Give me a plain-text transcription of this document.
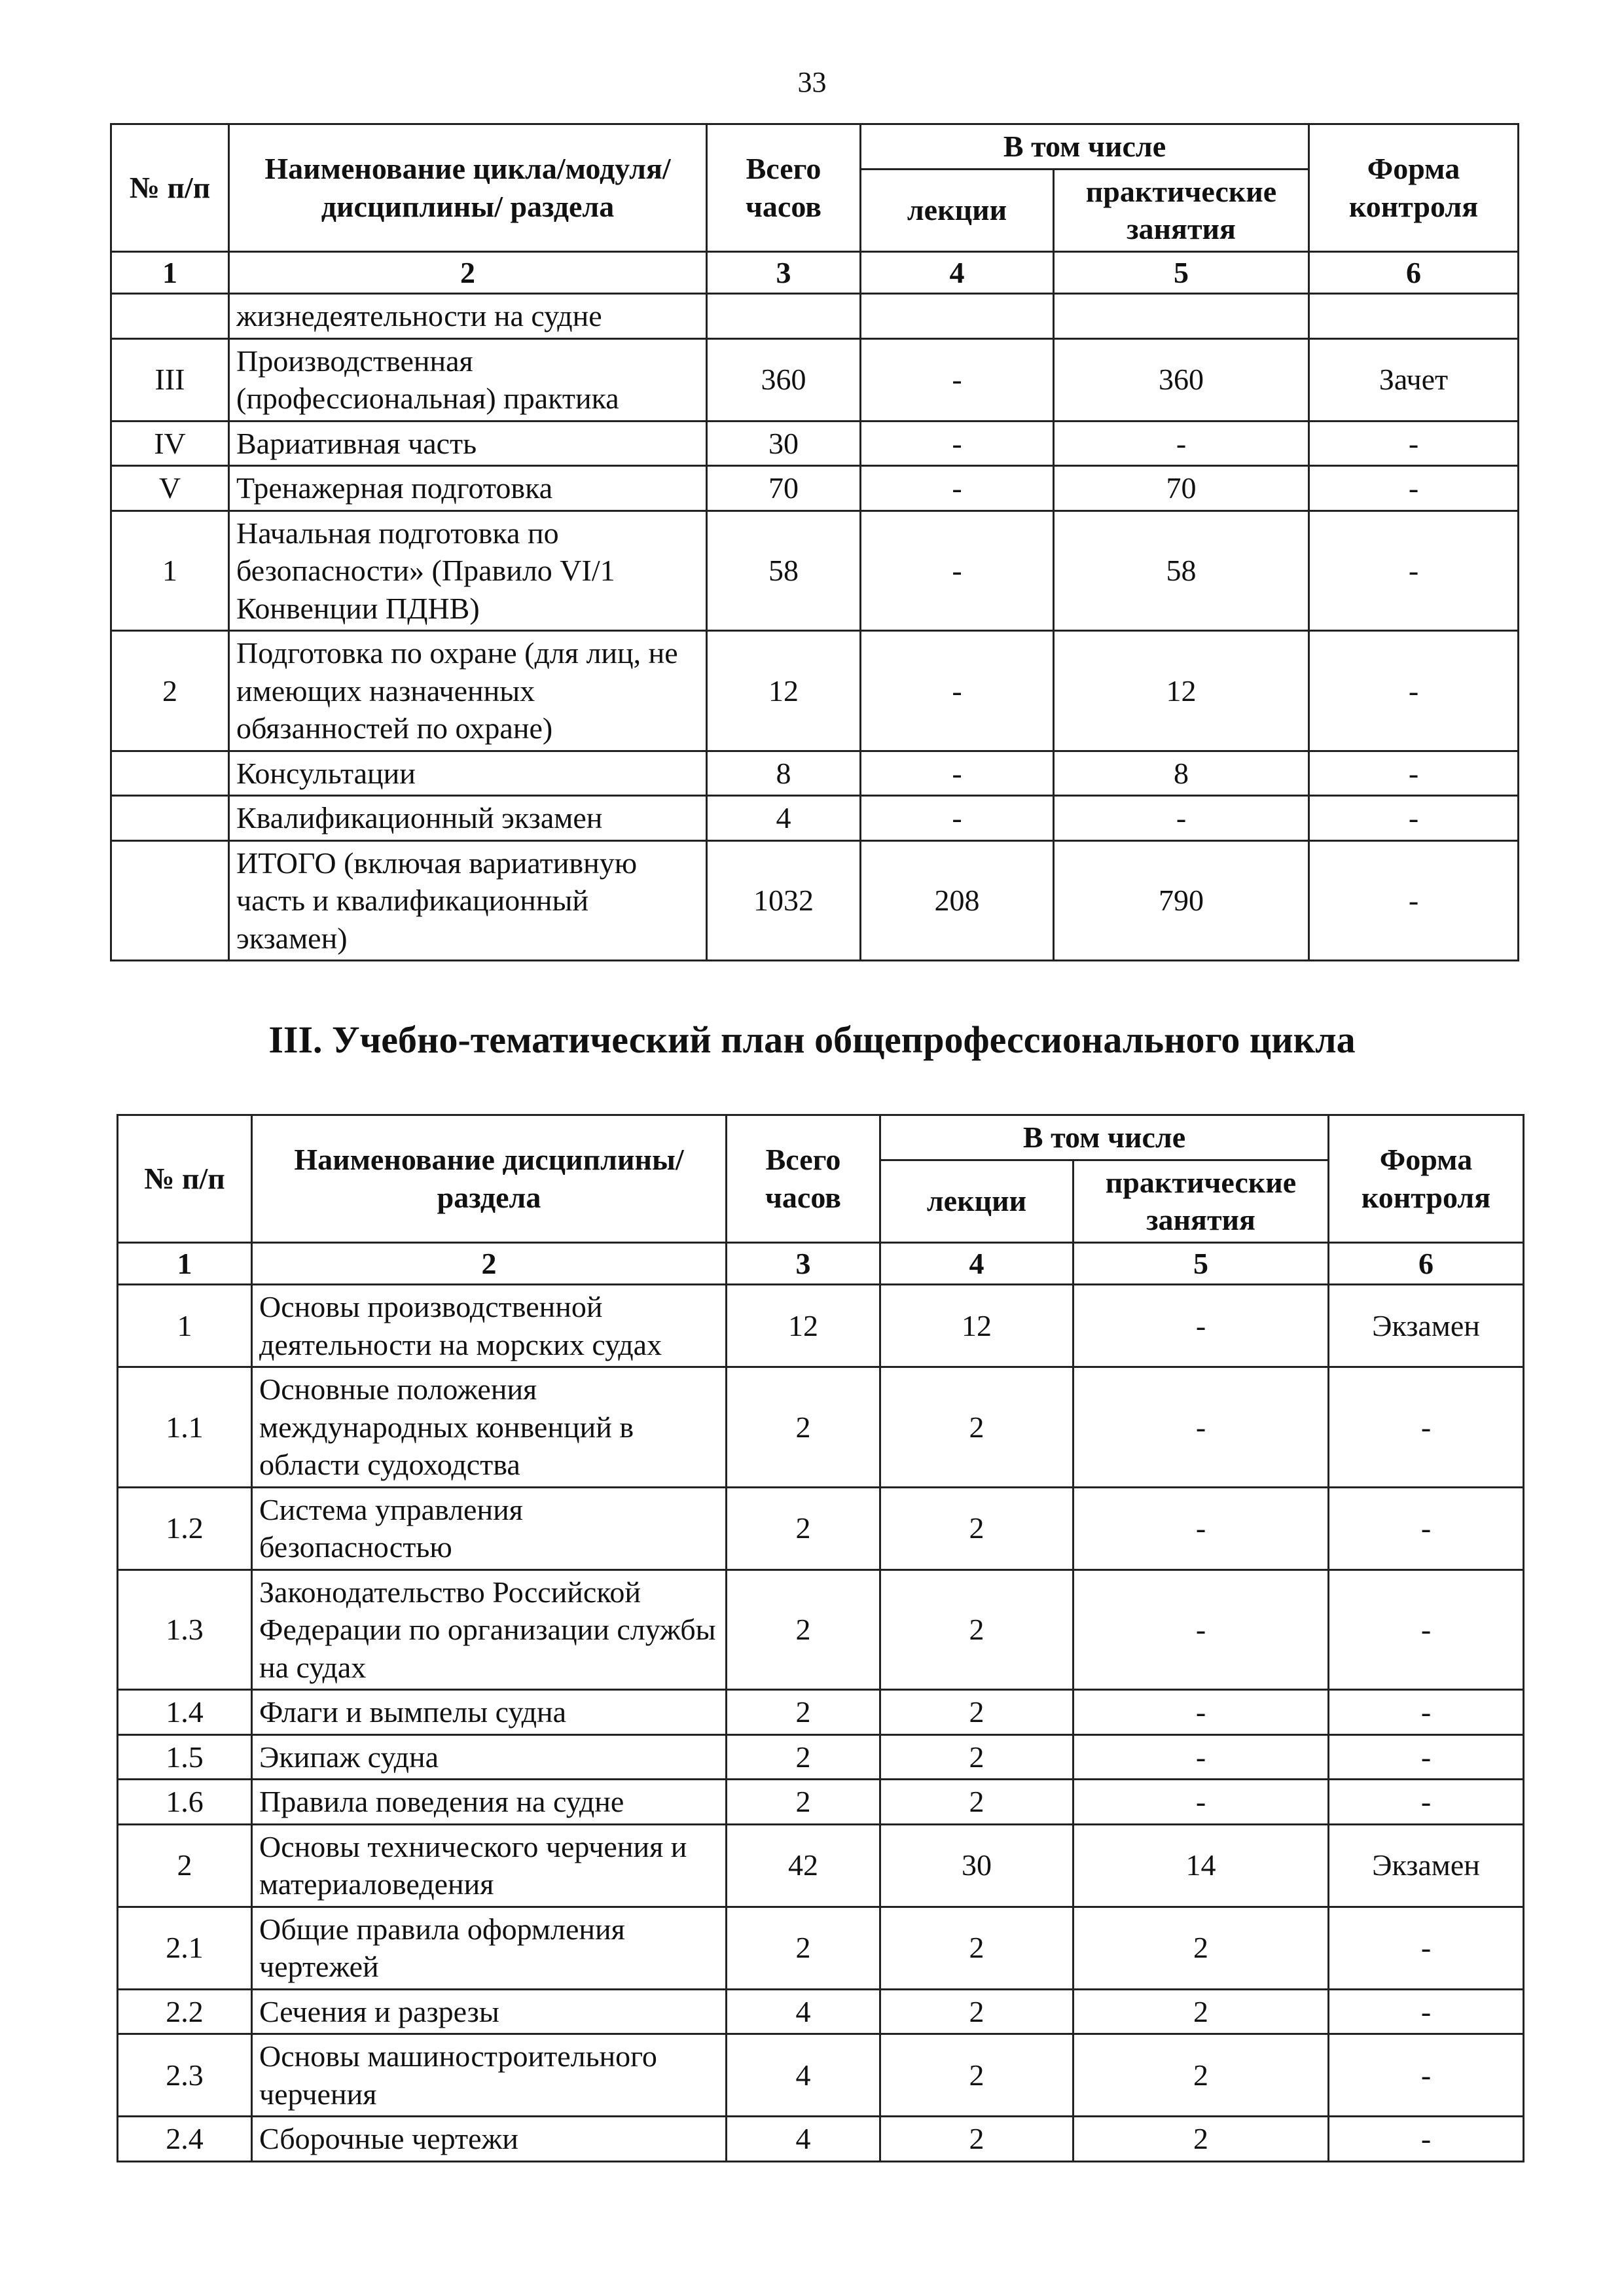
33
№ п/п	Наименование цикла/модуля/дисциплины/ раздела	Всего часов	В том числе		Форма контроля
			лекции	практические занятия	
1	2	3	4	5	6
	жизнедеятельности на судне				
III	Производственная (профессиональная) практика	360	-	360	Зачет
IV	Вариативная часть	30	-	-	-
V	Тренажерная подготовка	70	-	70	-
1	Начальная подготовка по безопасности» (Правило VI/1 Конвенции ПДНВ)	58	-	58	-
2	Подготовка по охране (для лиц, не имеющих назначенных обязанностей по охране)	12	-	12	-
	Консультации	8	-	8	-
	Квалификационный экзамен	4	-	-	-
	ИТОГО (включая вариативную часть и квалификационный экзамен)	1032	208	790	-
III. Учебно-тематический план общепрофессионального цикла
№ п/п	Наименование дисциплины/раздела	Всего часов	В том числе		Форма контроля
			лекции	практические занятия	
1	2	3	4	5	6
1	Основы производственной деятельности на морских судах	12	12	-	Экзамен
1.1	Основные положения международных конвенций в области судоходства	2	2	-	-
1.2	Система управления безопасностью	2	2	-	-
1.3	Законодательство Российской Федерации по организации службы на судах	2	2	-	-
1.4	Флаги и вымпелы судна	2	2	-	-
1.5	Экипаж судна	2	2	-	-
1.6	Правила поведения на судне	2	2	-	-
2	Основы технического черчения и материаловедения	42	30	14	Экзамен
2.1	Общие правила оформления чертежей	2	2	2	-
2.2	Сечения и разрезы	4	2	2	-
2.3	Основы машиностроительного черчения	4	2	2	-
2.4	Сборочные чертежи	4	2	2	-
